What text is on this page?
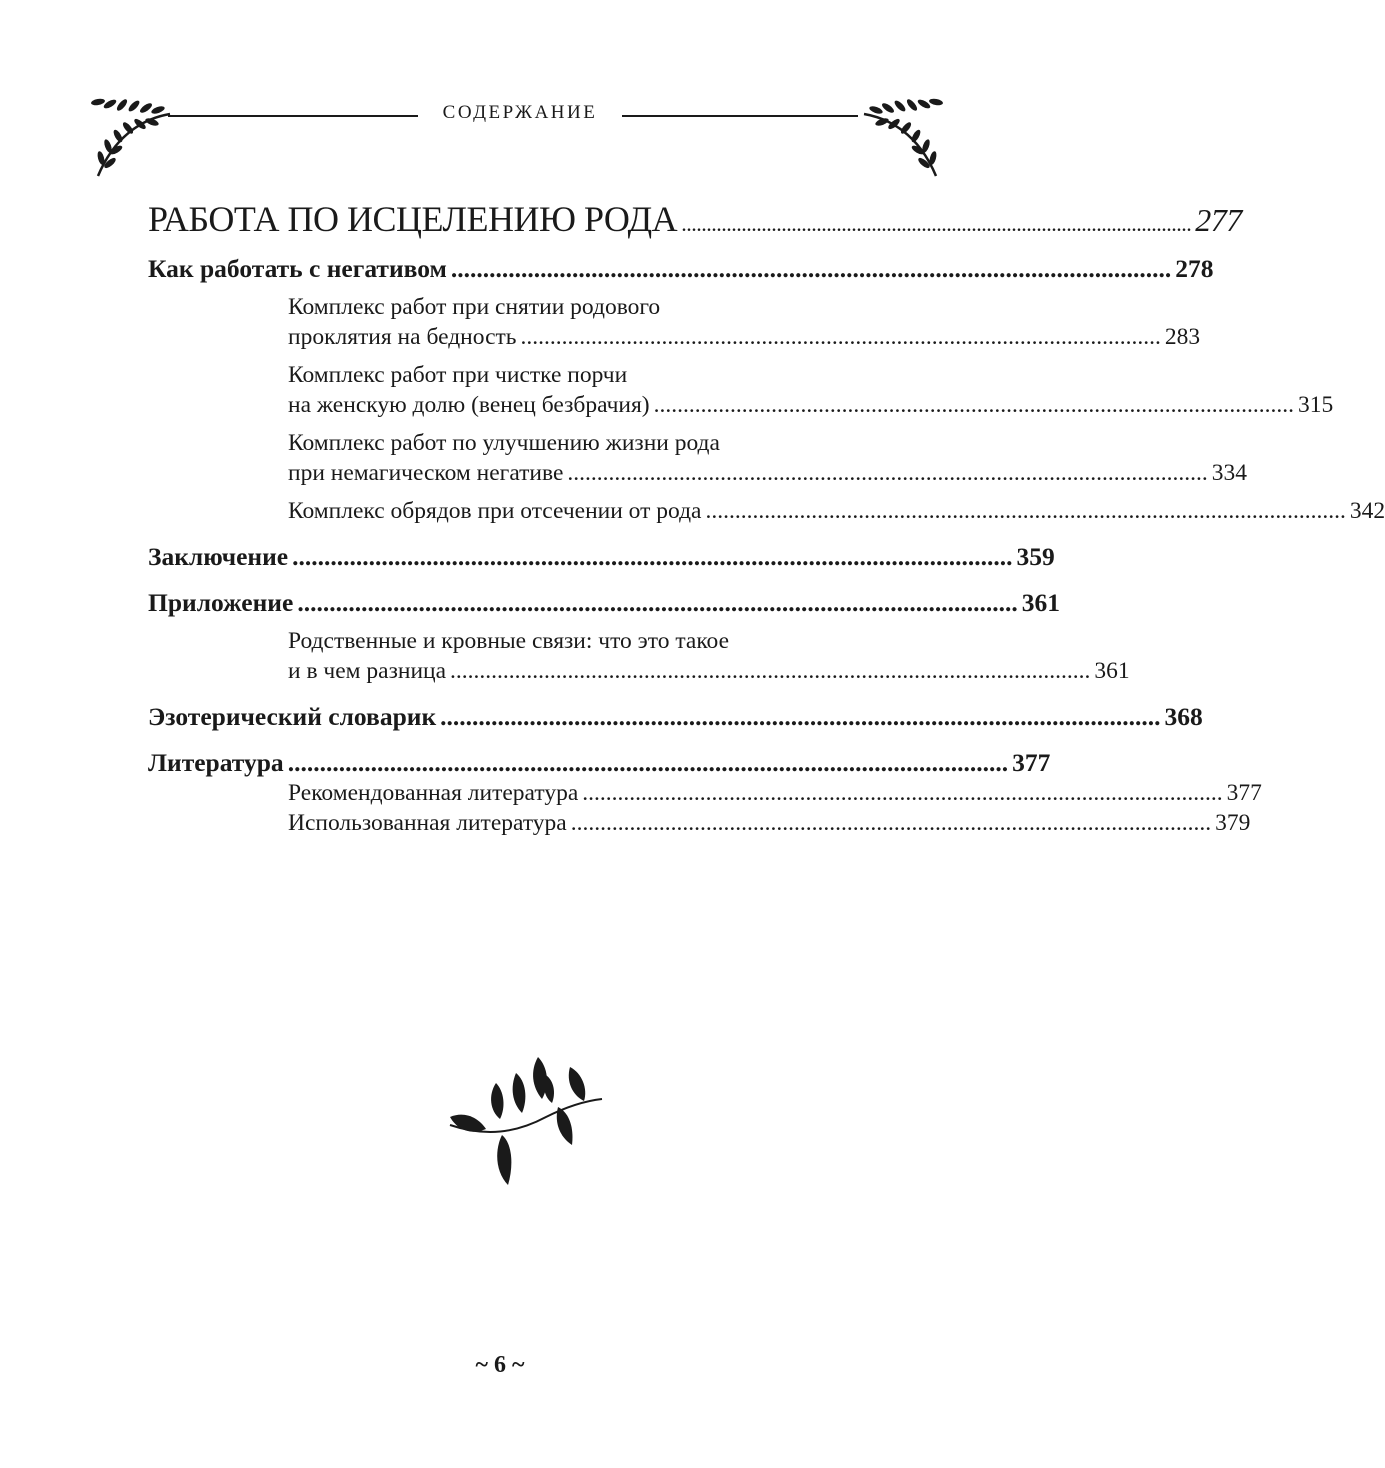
СОДЕРЖАНИЕ
РАБОТА ПО ИСЦЕЛЕНИЮ РОДА ...................................................................................................... 277
Как работать с негативом ................................................................................................................. 278
Комплекс работ при снятии родового
проклятия на бедность ............................................................................................................. 283
Комплекс работ при чистке порчи
на женскую долю (венец безбрачия) ............................................................................................................. 315
Комплекс работ по улучшению жизни рода
при немагическом негативе ............................................................................................................. 334
Комплекс обрядов при отсечении от рода ............................................................................................................. 342
Заключение ................................................................................................................. 359
Приложение ................................................................................................................. 361
Родственные и кровные связи: что это такое
и в чем разница ............................................................................................................. 361
Эзотерический словарик ................................................................................................................. 368
Литература ................................................................................................................. 377
Рекомендованная литература ............................................................................................................. 377
Использованная литература ............................................................................................................. 379
~ 6 ~
